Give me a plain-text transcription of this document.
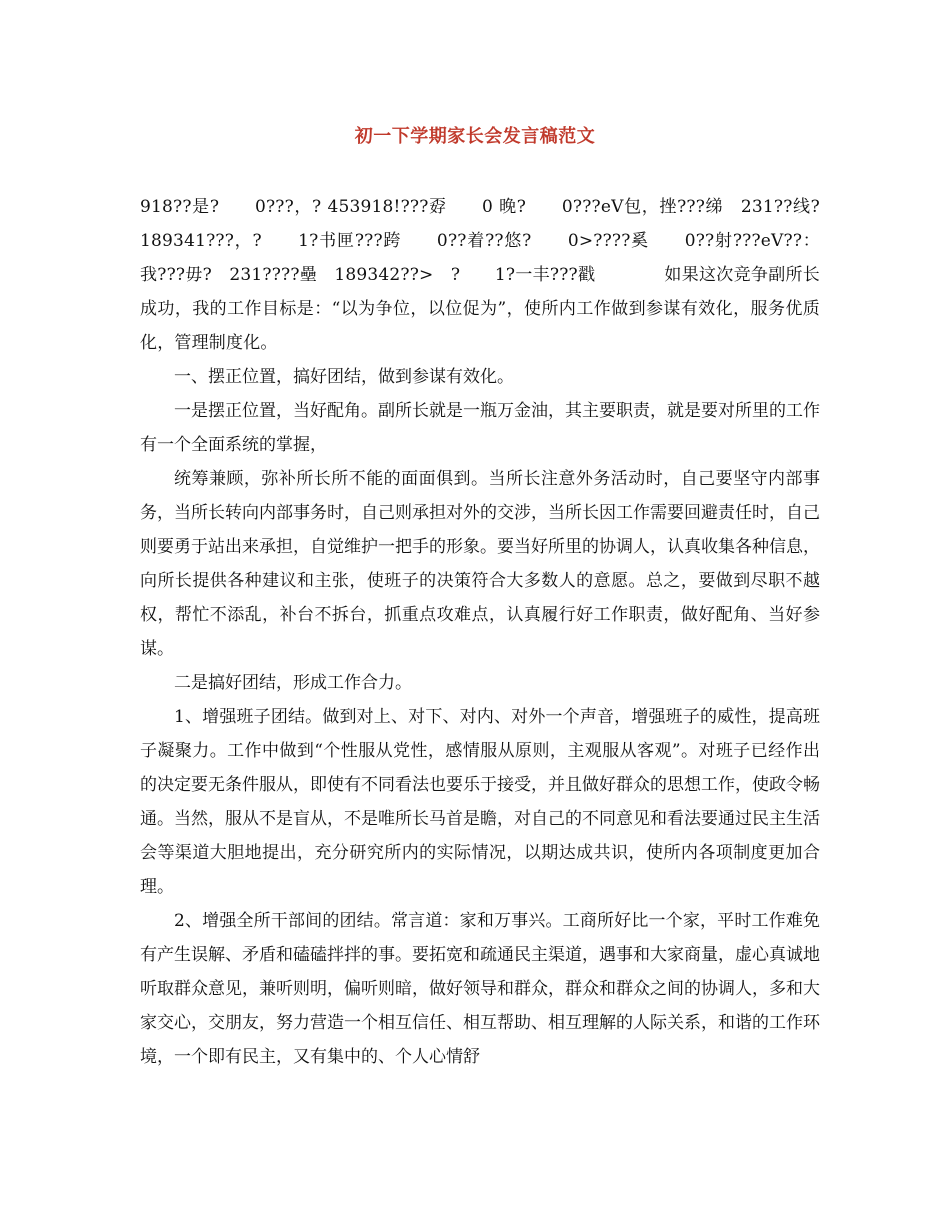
初一下学期家长会发言稿范文

918??是?　　0???，? 453918!???孬　　0 晚?　　0???eV包，挫???绨　231??线?　189341???，?　　1?书匣???跨　　0??着??悠?　　0>????奚　　0??射???eV??：我???毋?　231????壘　189342??>　?　　1?一丰???戳　　　　如果这次竞争副所长成功，我的工作目标是：“以为争位，以位促为”，使所内工作做到参谋有效化，服务优质化，管理制度化。

一、摆正位置，搞好团结，做到参谋有效化。

一是摆正位置，当好配角。副所长就是一瓶万金油，其主要职责，就是要对所里的工作有一个全面系统的掌握，

统筹兼顾，弥补所长所不能的面面俱到。当所长注意外务活动时，自己要坚守内部事务，当所长转向内部事务时，自己则承担对外的交涉，当所长因工作需要回避责任时，自己则要勇于站出来承担，自觉维护一把手的形象。要当好所里的协调人，认真收集各种信息，向所长提供各种建议和主张，使班子的决策符合大多数人的意愿。总之，要做到尽职不越权，帮忙不添乱，补台不拆台，抓重点攻难点，认真履行好工作职责，做好配角、当好参谋。

二是搞好团结，形成工作合力。

1、增强班子团结。做到对上、对下、对内、对外一个声音，增强班子的威性，提高班子凝聚力。工作中做到“个性服从党性，感情服从原则，主观服从客观”。对班子已经作出的决定要无条件服从，即使有不同看法也要乐于接受，并且做好群众的思想工作，使政令畅通。当然，服从不是盲从，不是唯所长马首是瞻，对自己的不同意见和看法要通过民主生活会等渠道大胆地提出，充分研究所内的实际情况，以期达成共识，使所内各项制度更加合理。

2、增强全所干部间的团结。常言道：家和万事兴。工商所好比一个家，平时工作难免有产生误解、矛盾和磕磕拌拌的事。要拓宽和疏通民主渠道，遇事和大家商量，虚心真诚地听取群众意见，兼听则明，偏听则暗，做好领导和群众，群众和群众之间的协调人，多和大家交心，交朋友，努力营造一个相互信任、相互帮助、相互理解的人际关系，和谐的工作环境，一个即有民主，又有集中的、个人心情舒
